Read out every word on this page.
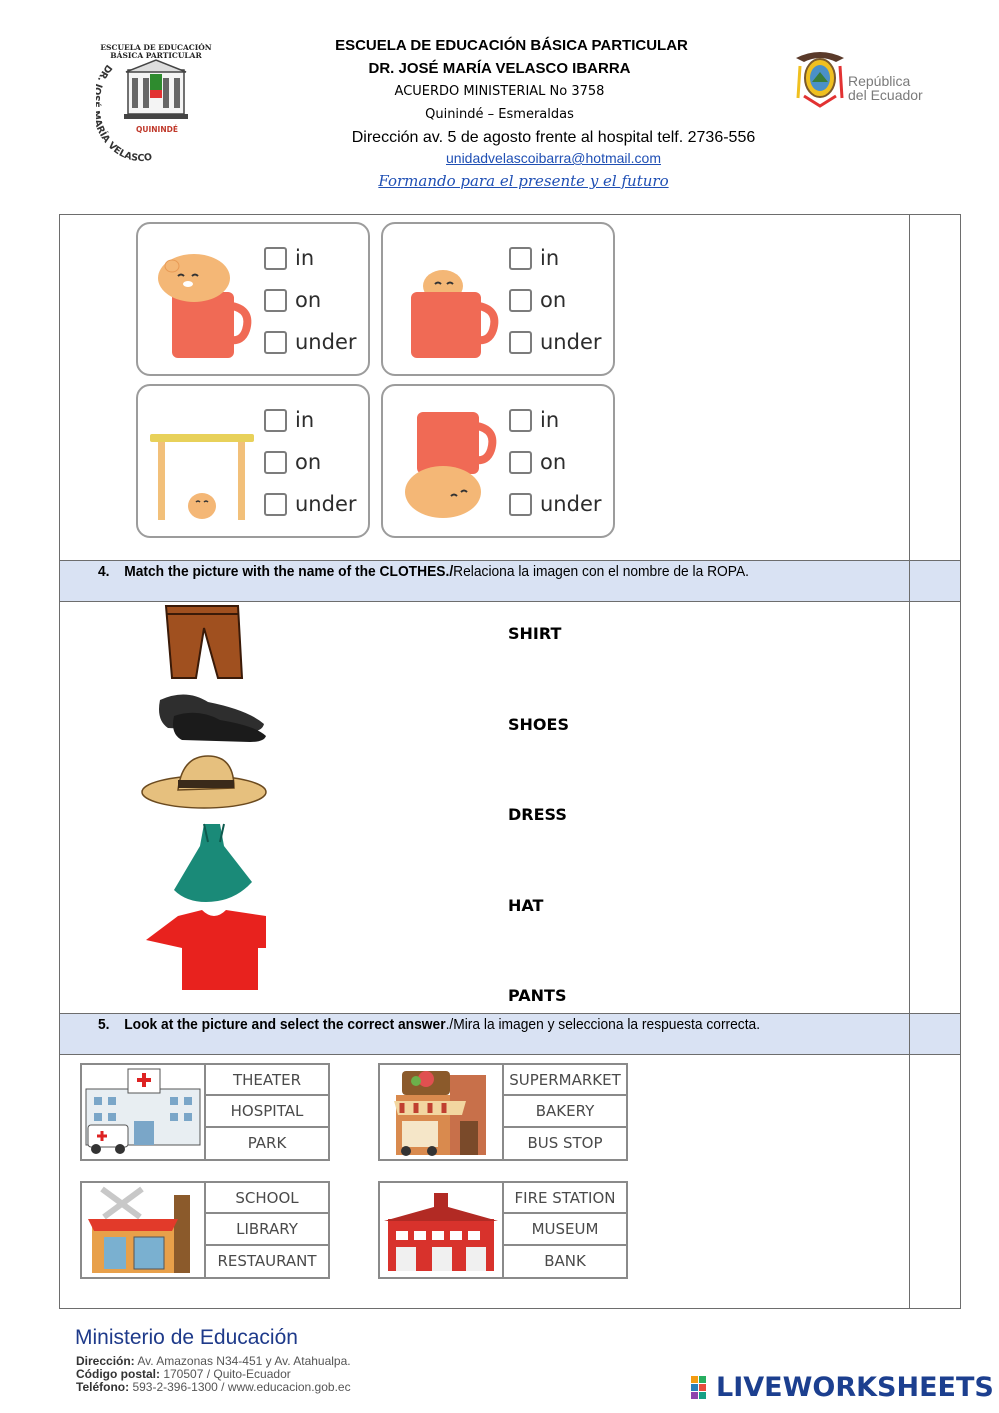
ESCUELA DE EDUCACIÓN
BÁSICA PARTICULAR
DR. ÍA VELASCO
QUININDÉ
República
del Ecuador
ESCUELA DE EDUCACIÓN BÁSICA PARTICULAR
DR. JOSÉ MARÍA VELASCO IBARRA
ACUERDO MINISTERIAL No 3758
Quinindé – Esmeraldas
Dirección av. 5 de agosto frente al hospital telf. 2736-556
unidadvelascoibarra@hotmail.com
Formando para el presente y el futuro
in
on
under
in
on
under
in
on
under
in
on
under
4. Match the picture with the name of the CLOTHES./Relaciona la imagen con el nombre de la ROPA.
SHIRT
SHOES
DRESS
HAT
PANTS
5. Look at the picture and select the correct answer./Mira la imagen y selecciona la respuesta correcta.
THEATER
HOSPITAL
PARK
SUPERMARKET
BAKERY
BUS STOP
SCHOOL
LIBRARY
RESTAURANT
FIRE STATION
MUSEUM
BANK
Ministerio de Educación
Dirección: Av. Amazonas N34-451 y Av. Atahualpa.
Código postal: 170507 / Quito-Ecuador
Teléfono: 593-2-396-1300 / www.educacion.gob.ec	LIVEWORKSHEETS
